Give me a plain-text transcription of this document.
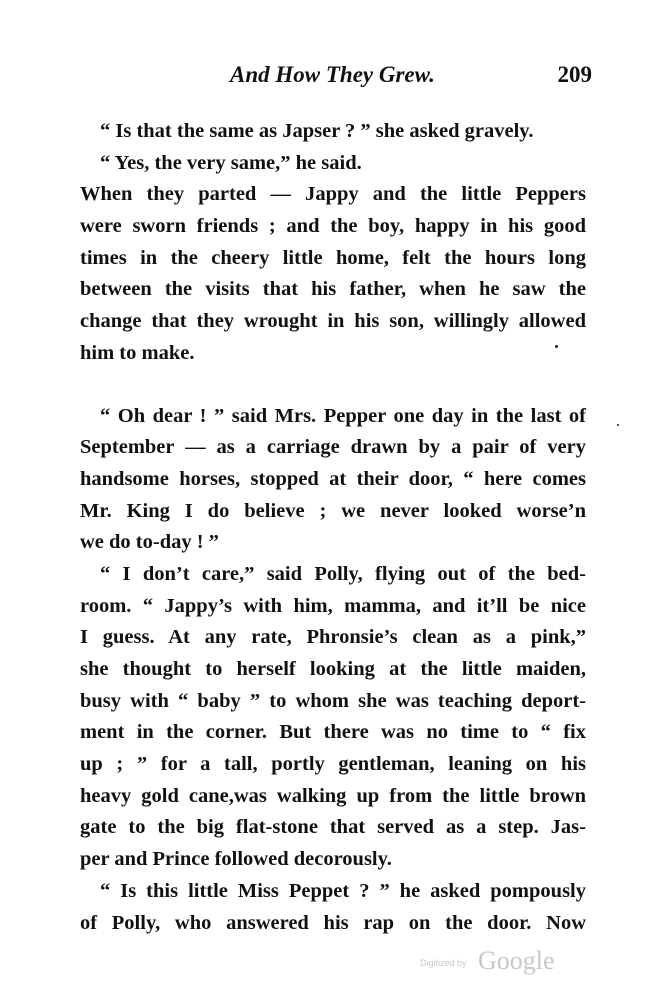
And How They Grew.	209
“ Is that the same as Japser ? ” she asked gravely.
“ Yes, the very same,” he said.
When they parted — Jappy and the little Peppers
were sworn friends ; and the boy, happy in his good
times in the cheery little home, felt the hours long
between the visits that his father, when he saw the
change that they wrought in his son, willingly allowed
him to make.
“ Oh dear ! ” said Mrs. Pepper one day in the last of
September — as a carriage drawn by a pair of very
handsome horses, stopped at their door, “ here comes
Mr. King I do believe ; we never looked worse’n
we do to-day ! ”
“ I don’t care,” said Polly, flying out of the bed-
room. “ Jappy’s with him, mamma, and it’ll be nice
I guess. At any rate, Phronsie’s clean as a pink,”
she thought to herself looking at the little maiden,
busy with “ baby ” to whom she was teaching deport-
ment in the corner. But there was no time to “ fix
up ; ” for a tall, portly gentleman, leaning on his
heavy gold cane,was walking up from the little brown
gate to the big flat-stone that served as a step. Jas-
per and Prince followed decorously.
“ Is this little Miss Peppet ? ” he asked pompously
of Polly, who answered his rap on the door. Now
Digitized by Google
